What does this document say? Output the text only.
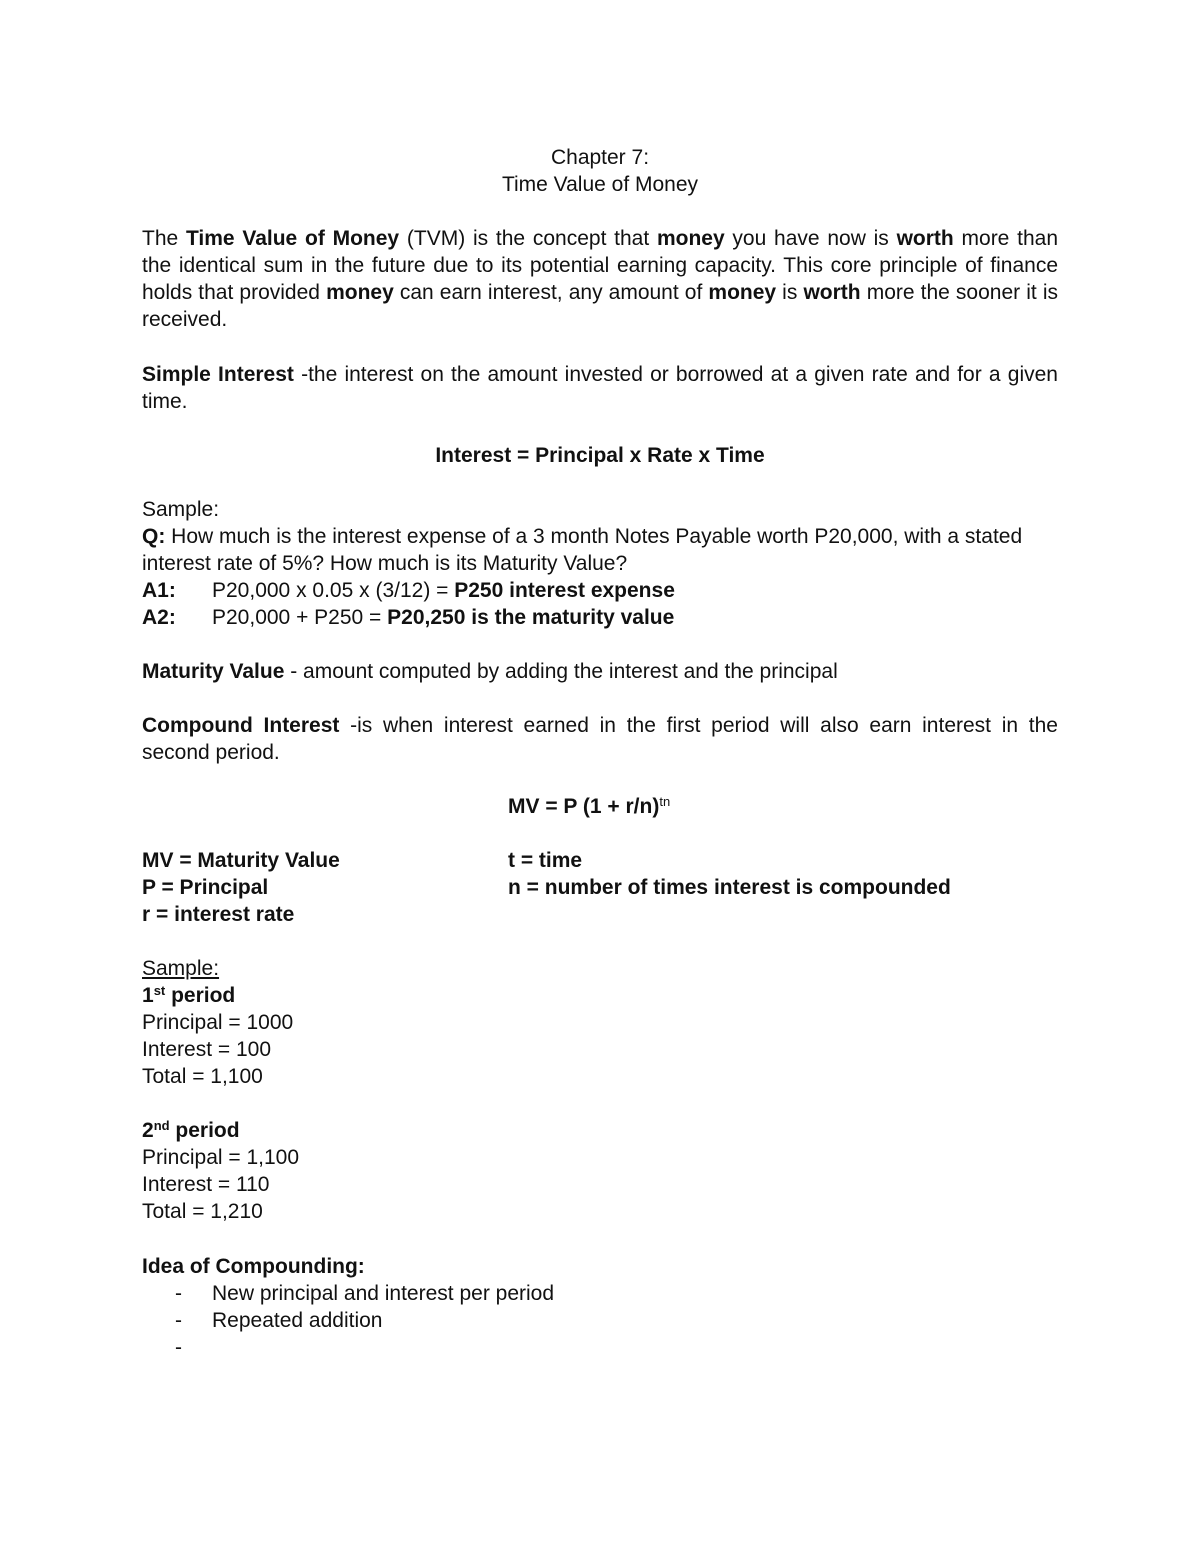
Chapter 7:
Time Value of Money
The Time Value of Money (TVM) is the concept that money you have now is worth more than the identical sum in the future due to its potential earning capacity. This core principle of finance holds that provided money can earn interest, any amount of money is worth more the sooner it is received.
Simple Interest -the interest on the amount invested or borrowed at a given rate and for a given time.
Interest = Principal x Rate x Time
Sample:
Q: How much is the interest expense of a 3 month Notes Payable worth P20,000, with a stated interest rate of 5%? How much is its Maturity Value?
A1: P20,000 x 0.05 x (3/12) = P250 interest expense
A2: P20,000 + P250 = P20,250 is the maturity value
Maturity Value - amount computed by adding the interest and the principal
Compound Interest -is when interest earned in the first period will also earn interest in the second period.
MV = P $(1 + r/n)^{tn}$
MV = Maturity Value
P = Principal
r = interest rate
t = time
n = number of times interest is compounded
Sample:
1st period
Principal = 1000
Interest = 100
Total = 1,100
2nd period
Principal = 1,100
Interest = 110
Total = 1,210
Idea of Compounding:
- New principal and interest per period
- Repeated addition
-
